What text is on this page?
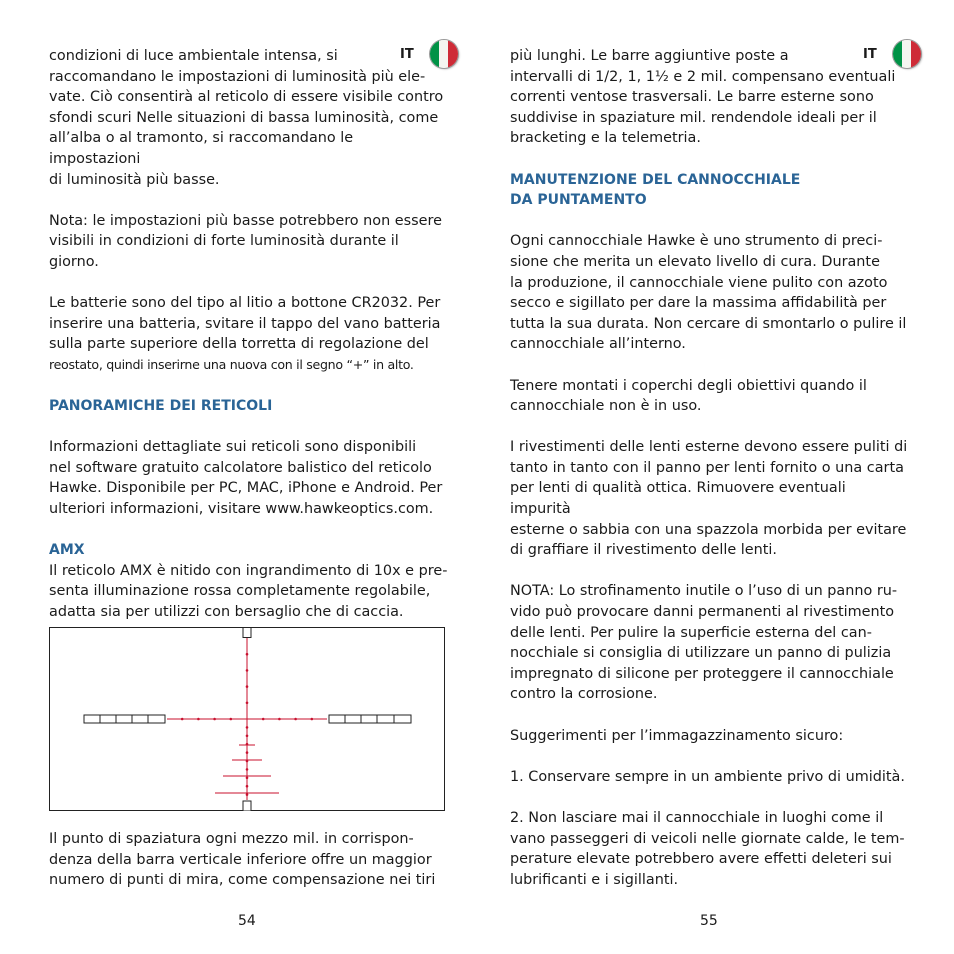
IT

condizioni di luce ambientale intensa, si
raccomandano le impostazioni di luminosità più ele-
vate. Ciò consentirà al reticolo di essere visibile contro
sfondi scuri Nelle situazioni di bassa luminosità, come
all’alba o al tramonto, si raccomandano le impostazioni
di luminosità più basse.

Nota: le impostazioni più basse potrebbero non essere
visibili in condizioni di forte luminosità durante il
giorno.

Le batterie sono del tipo al litio a bottone CR2032. Per
inserire una batteria, svitare il tappo del vano batteria
sulla parte superiore della torretta di regolazione del
reostato, quindi inserirne una nuova con il segno “+” in alto.

PANORAMICHE DEI RETICOLI

Informazioni dettagliate sui reticoli sono disponibili
nel software gratuito calcolatore balistico del reticolo
Hawke. Disponibile per PC, MAC, iPhone e Android. Per
ulteriori informazioni, visitare www.hawkeoptics.com.

AMX

Il reticolo AMX è nitido con ingrandimento di 10x e pre-
senta illuminazione rossa completamente regolabile,
adatta sia per utilizzi con bersaglio che di caccia.

Il punto di spaziatura ogni mezzo mil. in corrispon-
denza della barra verticale inferiore offre un maggior
numero di punti di mira, come compensazione nei tiri

54
IT

più lunghi. Le barre aggiuntive poste a
intervalli di 1/2, 1, 1½ e 2 mil. compensano eventuali
correnti ventose trasversali. Le barre esterne sono
suddivise in spaziature mil. rendendole ideali per il
bracketing e la telemetria.

MANUTENZIONE DEL CANNOCCHIALE
DA PUNTAMENTO

Ogni cannocchiale Hawke è uno strumento di preci-
sione che merita un elevato livello di cura. Durante
la produzione, il cannocchiale viene pulito con azoto
secco e sigillato per dare la massima affidabilità per
tutta la sua durata. Non cercare di smontarlo o pulire il
cannocchiale all’interno.

Tenere montati i coperchi degli obiettivi quando il
cannocchiale non è in uso.

I rivestimenti delle lenti esterne devono essere puliti di
tanto in tanto con il panno per lenti fornito o una carta
per lenti di qualità ottica. Rimuovere eventuali impurità
esterne o sabbia con una spazzola morbida per evitare
di graffiare il rivestimento delle lenti.

NOTA: Lo strofinamento inutile o l’uso di un panno ru-
vido può provocare danni permanenti al rivestimento
delle lenti. Per pulire la superficie esterna del can-
nocchiale si consiglia di utilizzare un panno di pulizia
impregnato di silicone per proteggere il cannocchiale
contro la corrosione.

Suggerimenti per l’immagazzinamento sicuro:

1. Conservare sempre in un ambiente privo di umidità.

2. Non lasciare mai il cannocchiale in luoghi come il
vano passeggeri di veicoli nelle giornate calde, le tem-
perature elevate potrebbero avere effetti deleteri sui
lubrificanti e i sigillanti.

55
